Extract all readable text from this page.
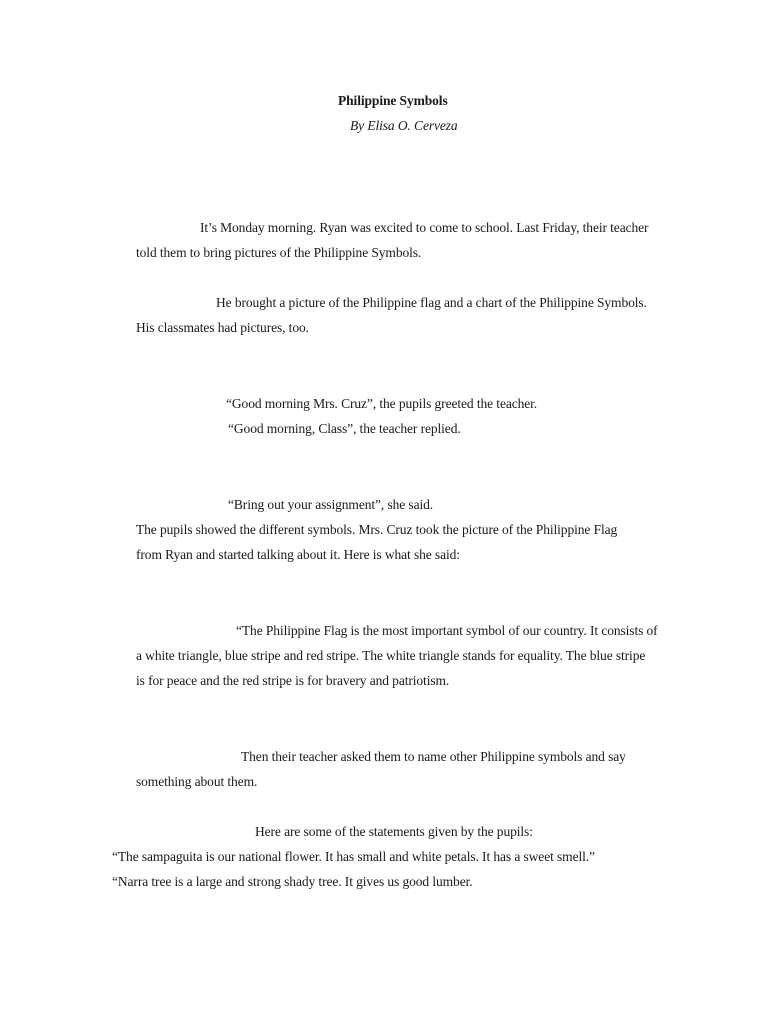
Philippine Symbols
By Elisa O. Cerveza
It’s Monday morning. Ryan was excited to come to school. Last Friday, their teacher
told them to bring pictures of the Philippine Symbols.
He brought a picture of the Philippine flag and a chart of the Philippine Symbols.
His classmates had pictures, too.
“Good morning Mrs. Cruz”, the pupils greeted the teacher.
“Good morning, Class”, the teacher replied.
“Bring out your assignment”, she said.
The pupils showed the different symbols. Mrs. Cruz took the picture of the Philippine Flag
from Ryan and started talking about it. Here is what she said:
“The Philippine Flag is the most important symbol of our country. It consists of
a white triangle, blue stripe and red stripe. The white triangle stands for equality. The blue stripe
is for peace and the red stripe is for bravery and patriotism.
Then their teacher asked them to name other Philippine symbols and say
something about them.
Here are some of the statements given by the pupils:
“The sampaguita is our national flower. It has small and white petals. It has a sweet smell.”
“Narra tree is a large and strong shady tree. It gives us good lumber.
